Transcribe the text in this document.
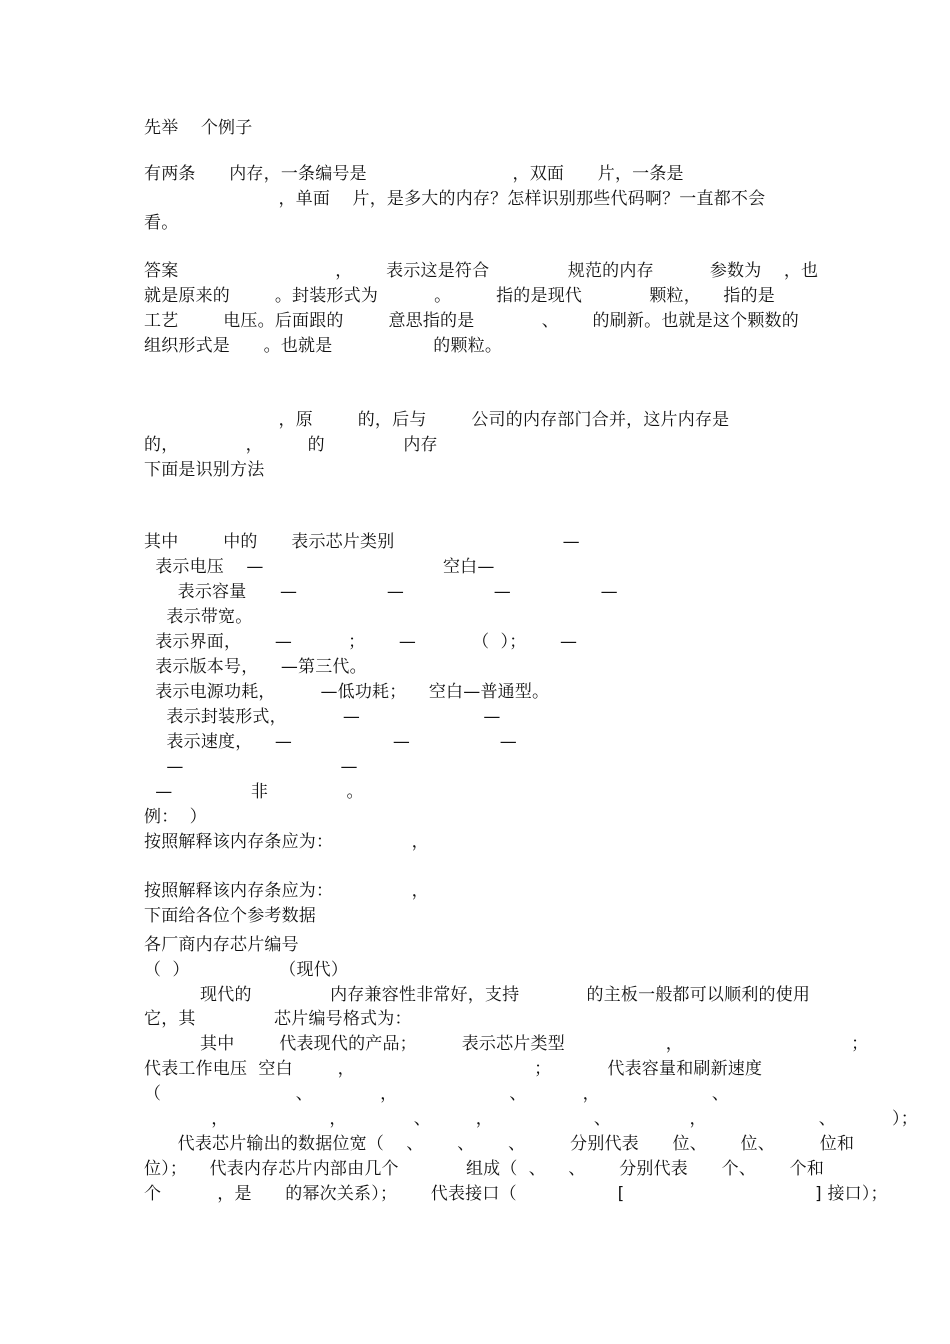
先举    个例子
有两条      内存，一条编号是                          ，双面      片，一条是
，单面    片，是多大的内存？怎样识别那些代码啊？一直都不会
看。
答案                            ，      表示这是符合              规范的内存          参数为    ，也
就是原来的        。封装形式为          。        指的是现代            颗粒，    指的是
工艺        电压。后面跟的        意思指的是            、      的刷新。也就是这个颗数的
组织形式是      。也就是                  的颗粒。
，原        的，后与        公司的内存部门合并，这片内存是
的，            ，        的              内存
下面是识别方法
其中        中的      表示芯片类别                              —
表示电压    —                                空白—
表示容量      —                —                —                —
表示带宽。
表示界面，      —          ；      —          （  ）；      —
表示版本号，    —第三代。
表示电源功耗，        —低功耗；    空白—普通型。
表示封装形式，          —                      —
表示速度，    —                  —                —
—                            —
—              非              。
例：  ）
按照解释该内存条应为：              ，
按照解释该内存条应为：              ，
下面给各位个参考数据
各厂商内存芯片编号
（  ）                （现代）
现代的              内存兼容性非常好，支持            的主板一般都可以顺利的使用
它，其              芯片编号格式为：
其中        代表现代的产品；        表示芯片类型                  ，                              ；
代表工作电压  空白        ，                                ；          代表容量和刷新速度
（                        、            ，                    、          ，                    、
，                  ，            、        ，                  、              ，                    、          ）；
代表芯片输出的数据位宽（    、      、      、        分别代表      位、      位、        位和
位）；    代表内存芯片内部由几个            组成（  、    、      分别代表      个、      个和
个          ，是      的幂次关系）；      代表接口（                  [                                  ] 接口）；
